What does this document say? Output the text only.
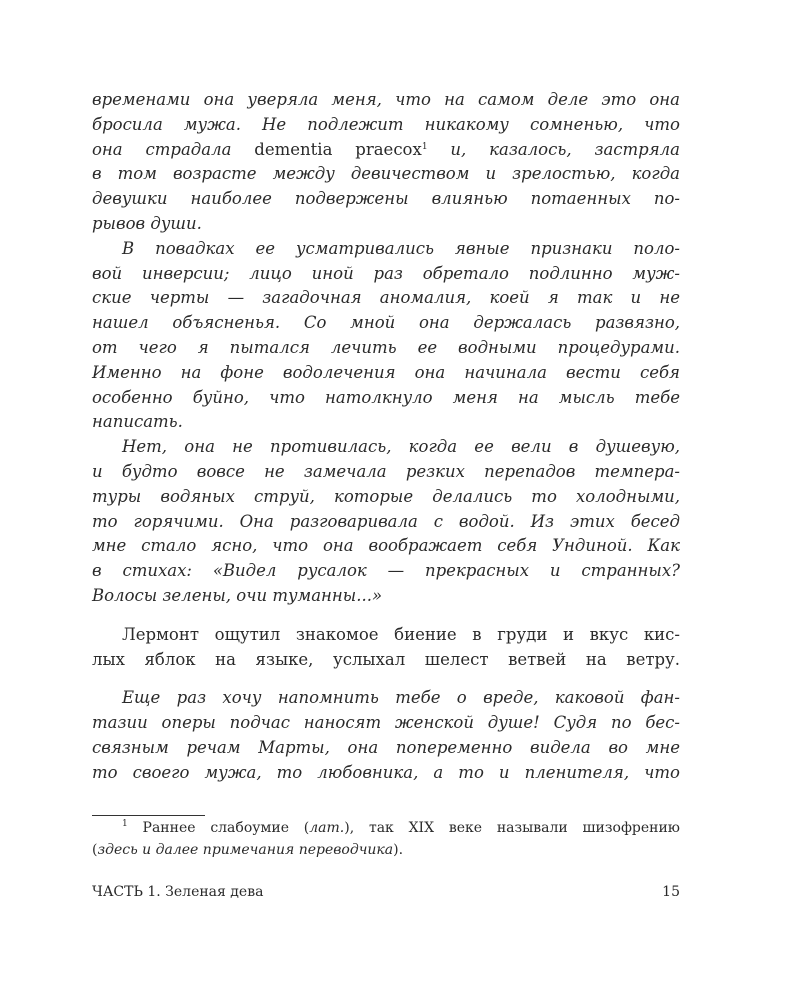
временами она уверяла меня, что на самом деле это она
бросила мужа. Не подлежит никакому сомненью, что
она страдала dementia praecox$^1$ и, казалось, застряла
в том возрасте между девичеством и зрелостью, когда
девушки наиболее подвержены влиянью потаенных по-
рывов души.
В повадках ее усматривались явные признаки поло-
вой инверсии; лицо иной раз обретало подлинно муж-
ские черты — загадочная аномалия, коей я так и не
нашел объясненья. Со мной она держалась развязно,
от чего я пытался лечить ее водными процедурами.
Именно на фоне водолечения она начинала вести себя
особенно буйно, что натолкнуло меня на мысль тебе
написать.
Нет, она не противилась, когда ее вели в душевую,
и будто вовсе не замечала резких перепадов темпера-
туры водяных струй, которые делались то холодными,
то горячими. Она разговаривала с водой. Из этих бесед
мне стало ясно, что она воображает себя Ундиной. Как
в стихах: «Видел русалок — прекрасных и странных?
Волосы зелены, очи туманны...»
Лермонт ощутил знакомое биение в груди и вкус кис-
лых яблок на языке, услыхал шелест ветвей на ветру.
Еще раз хочу напомнить тебе о вреде, каковой фан-
тазии оперы подчас наносят женской душе! Судя по бес-
связным речам Марты, она попеременно видела во мне
то своего мужа, то любовника, а то и пленителя, что
$^1$ Раннее слабоумие (лат.), так XIX веке называли шизофрению
(здесь и далее примечания переводчика).
ЧАСТЬ 1. Зеленая дева	15
